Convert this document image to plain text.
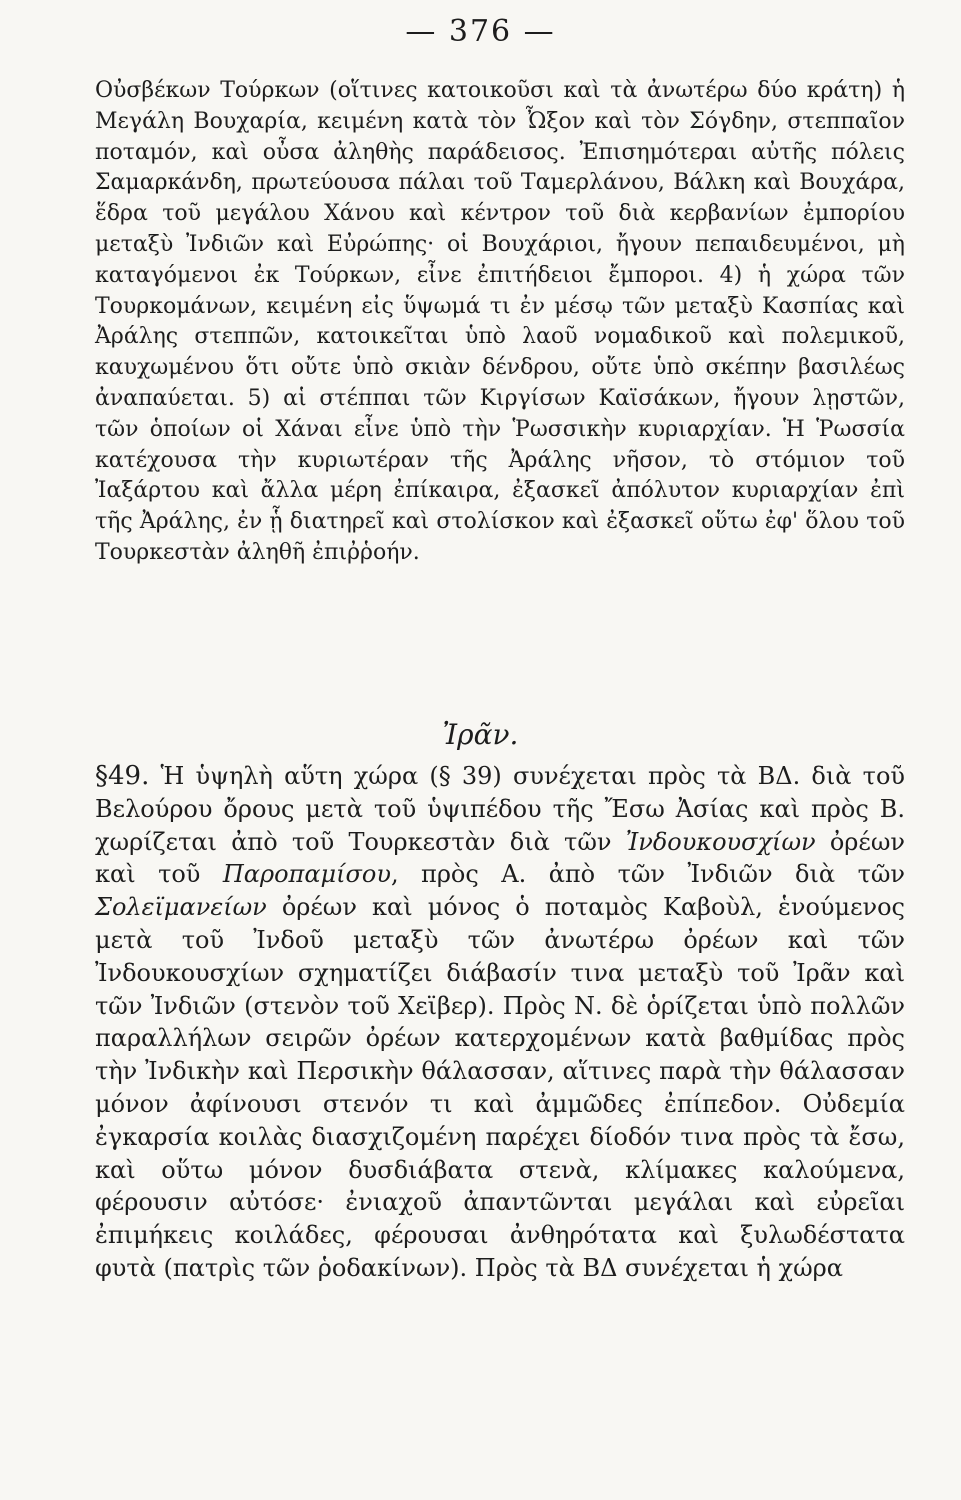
— 376 —
Οὐσβέκων Τούρκων (οἵτινες κατοικοῦσι καὶ τὰ ἀνωτέρω δύο κράτη) ἡ Μεγάλη Βουχαρία, κειμένη κατὰ τὸν Ὦξον καὶ τὸν Σόγδην, στεππαῖον ποταμόν, καὶ οὖσα ἀληθὴς παράδεισος. Ἐπισημότεραι αὐτῆς πόλεις Σαμαρκάνδη, πρωτεύουσα πάλαι τοῦ Ταμερλάνου, Βάλκη καὶ Βουχάρα, ἕδρα τοῦ μεγάλου Χάνου καὶ κέντρον τοῦ διὰ κερβανίων ἐμπορίου μεταξὺ Ἰνδιῶν καὶ Εὐρώπης· οἱ Βουχάριοι, ἤγουν πεπαιδευμένοι, μὴ καταγόμενοι ἐκ Τούρκων, εἶνε ἐπιτήδειοι ἔμποροι. 4) ἡ χώρα τῶν Τουρκομάνων, κειμένη εἰς ὕψωμά τι ἐν μέσῳ τῶν μεταξὺ Κασπίας καὶ Ἀράλης στεππῶν, κατοικεῖται ὑπὸ λαοῦ νομαδικοῦ καὶ πολεμικοῦ, καυχωμένου ὅτι οὔτε ὑπὸ σκιὰν δένδρου, οὔτε ὑπὸ σκέπην βασιλέως ἀναπαύεται. 5) αἱ στέππαι τῶν Κιργίσων Καϊσάκων, ἤγουν λῃστῶν, τῶν ὁποίων οἱ Χάναι εἶνε ὑπὸ τὴν Ῥωσσικὴν κυριαρχίαν. Ἡ Ῥωσσία κατέχουσα τὴν κυριωτέραν τῆς Ἀράλης νῆσον, τὸ στόμιον τοῦ Ἰαξάρτου καὶ ἄλλα μέρη ἐπίκαιρα, ἐξασκεῖ ἀπόλυτον κυριαρχίαν ἐπὶ τῆς Ἀράλης, ἐν ᾗ διατηρεῖ καὶ στολίσκον καὶ ἐξασκεῖ οὕτω ἐφ' ὅλου τοῦ Τουρκεστὰν ἀληθῆ ἐπιῤῥοήν.
Ἰρᾶν.
§49. Ἡ ὑψηλὴ αὕτη χώρα (§ 39) συνέχεται πρὸς τὰ ΒΔ. διὰ τοῦ Βελούρου ὄρους μετὰ τοῦ ὑψιπέδου τῆς Ἔσω Ἀσίας καὶ πρὸς Β. χωρίζεται ἀπὸ τοῦ Τουρκεστὰν διὰ τῶν Ἰνδουκουσχίων ὀρέων καὶ τοῦ Παροπαμίσου, πρὸς Α. ἀπὸ τῶν Ἰνδιῶν διὰ τῶν Σολεϊμανείων ὀρέων καὶ μόνος ὁ ποταμὸς Καβοὺλ, ἑνούμενος μετὰ τοῦ Ἰνδοῦ μεταξὺ τῶν ἀνωτέρω ὀρέων καὶ τῶν Ἰνδουκουσχίων σχηματίζει διάβασίν τινα μεταξὺ τοῦ Ἰρᾶν καὶ τῶν Ἰνδιῶν (στενὸν τοῦ Χεϊβερ). Πρὸς Ν. δὲ ὁρίζεται ὑπὸ πολλῶν παραλλήλων σειρῶν ὀρέων κατερχομένων κατὰ βαθμίδας πρὸς τὴν Ἰνδικὴν καὶ Περσικὴν θάλασσαν, αἵτινες παρὰ τὴν θάλασσαν μόνον ἀφίνουσι στενόν τι καὶ ἀμμῶδες ἐπίπεδον. Οὐδεμία ἐγκαρσία κοιλὰς διασχιζομένη παρέχει δίοδόν τινα πρὸς τὰ ἔσω, καὶ οὕτω μόνον δυσδιάβατα στενὰ, κλίμακες καλούμενα, φέρουσιν αὐτόσε· ἐνιαχοῦ ἀπαντῶνται μεγάλαι καὶ εὐρεῖαι ἐπιμήκεις κοιλάδες, φέρουσαι ἀνθηρότατα καὶ ξυλωδέστατα φυτὰ (πατρὶς τῶν ῥοδακίνων). Πρὸς τὰ ΒΔ συνέχεται ἡ χώρα
